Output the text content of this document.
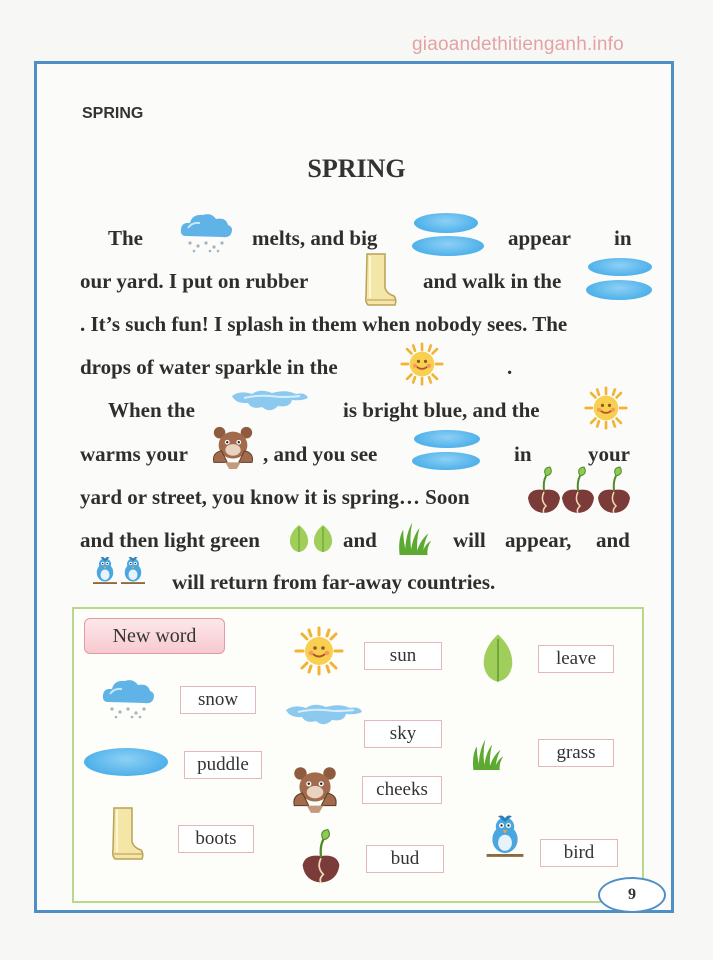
giaoandethitienganh.info
SPRING
SPRING
The	melts, and big	appear in
our yard. I put on rubber	and walk in the
. It’s such fun! I splash in them when nobody sees. The
drops of water sparkle in the	.
When the	is bright blue, and the
warms your	, and you see	in	your
yard or street, you know it is spring… Soon
and then light green	and	will appear, and
will return from far-away countries.
New word
sun	leave
snow
sky
grass
puddle
cheeks
boots
bud	bird
9
